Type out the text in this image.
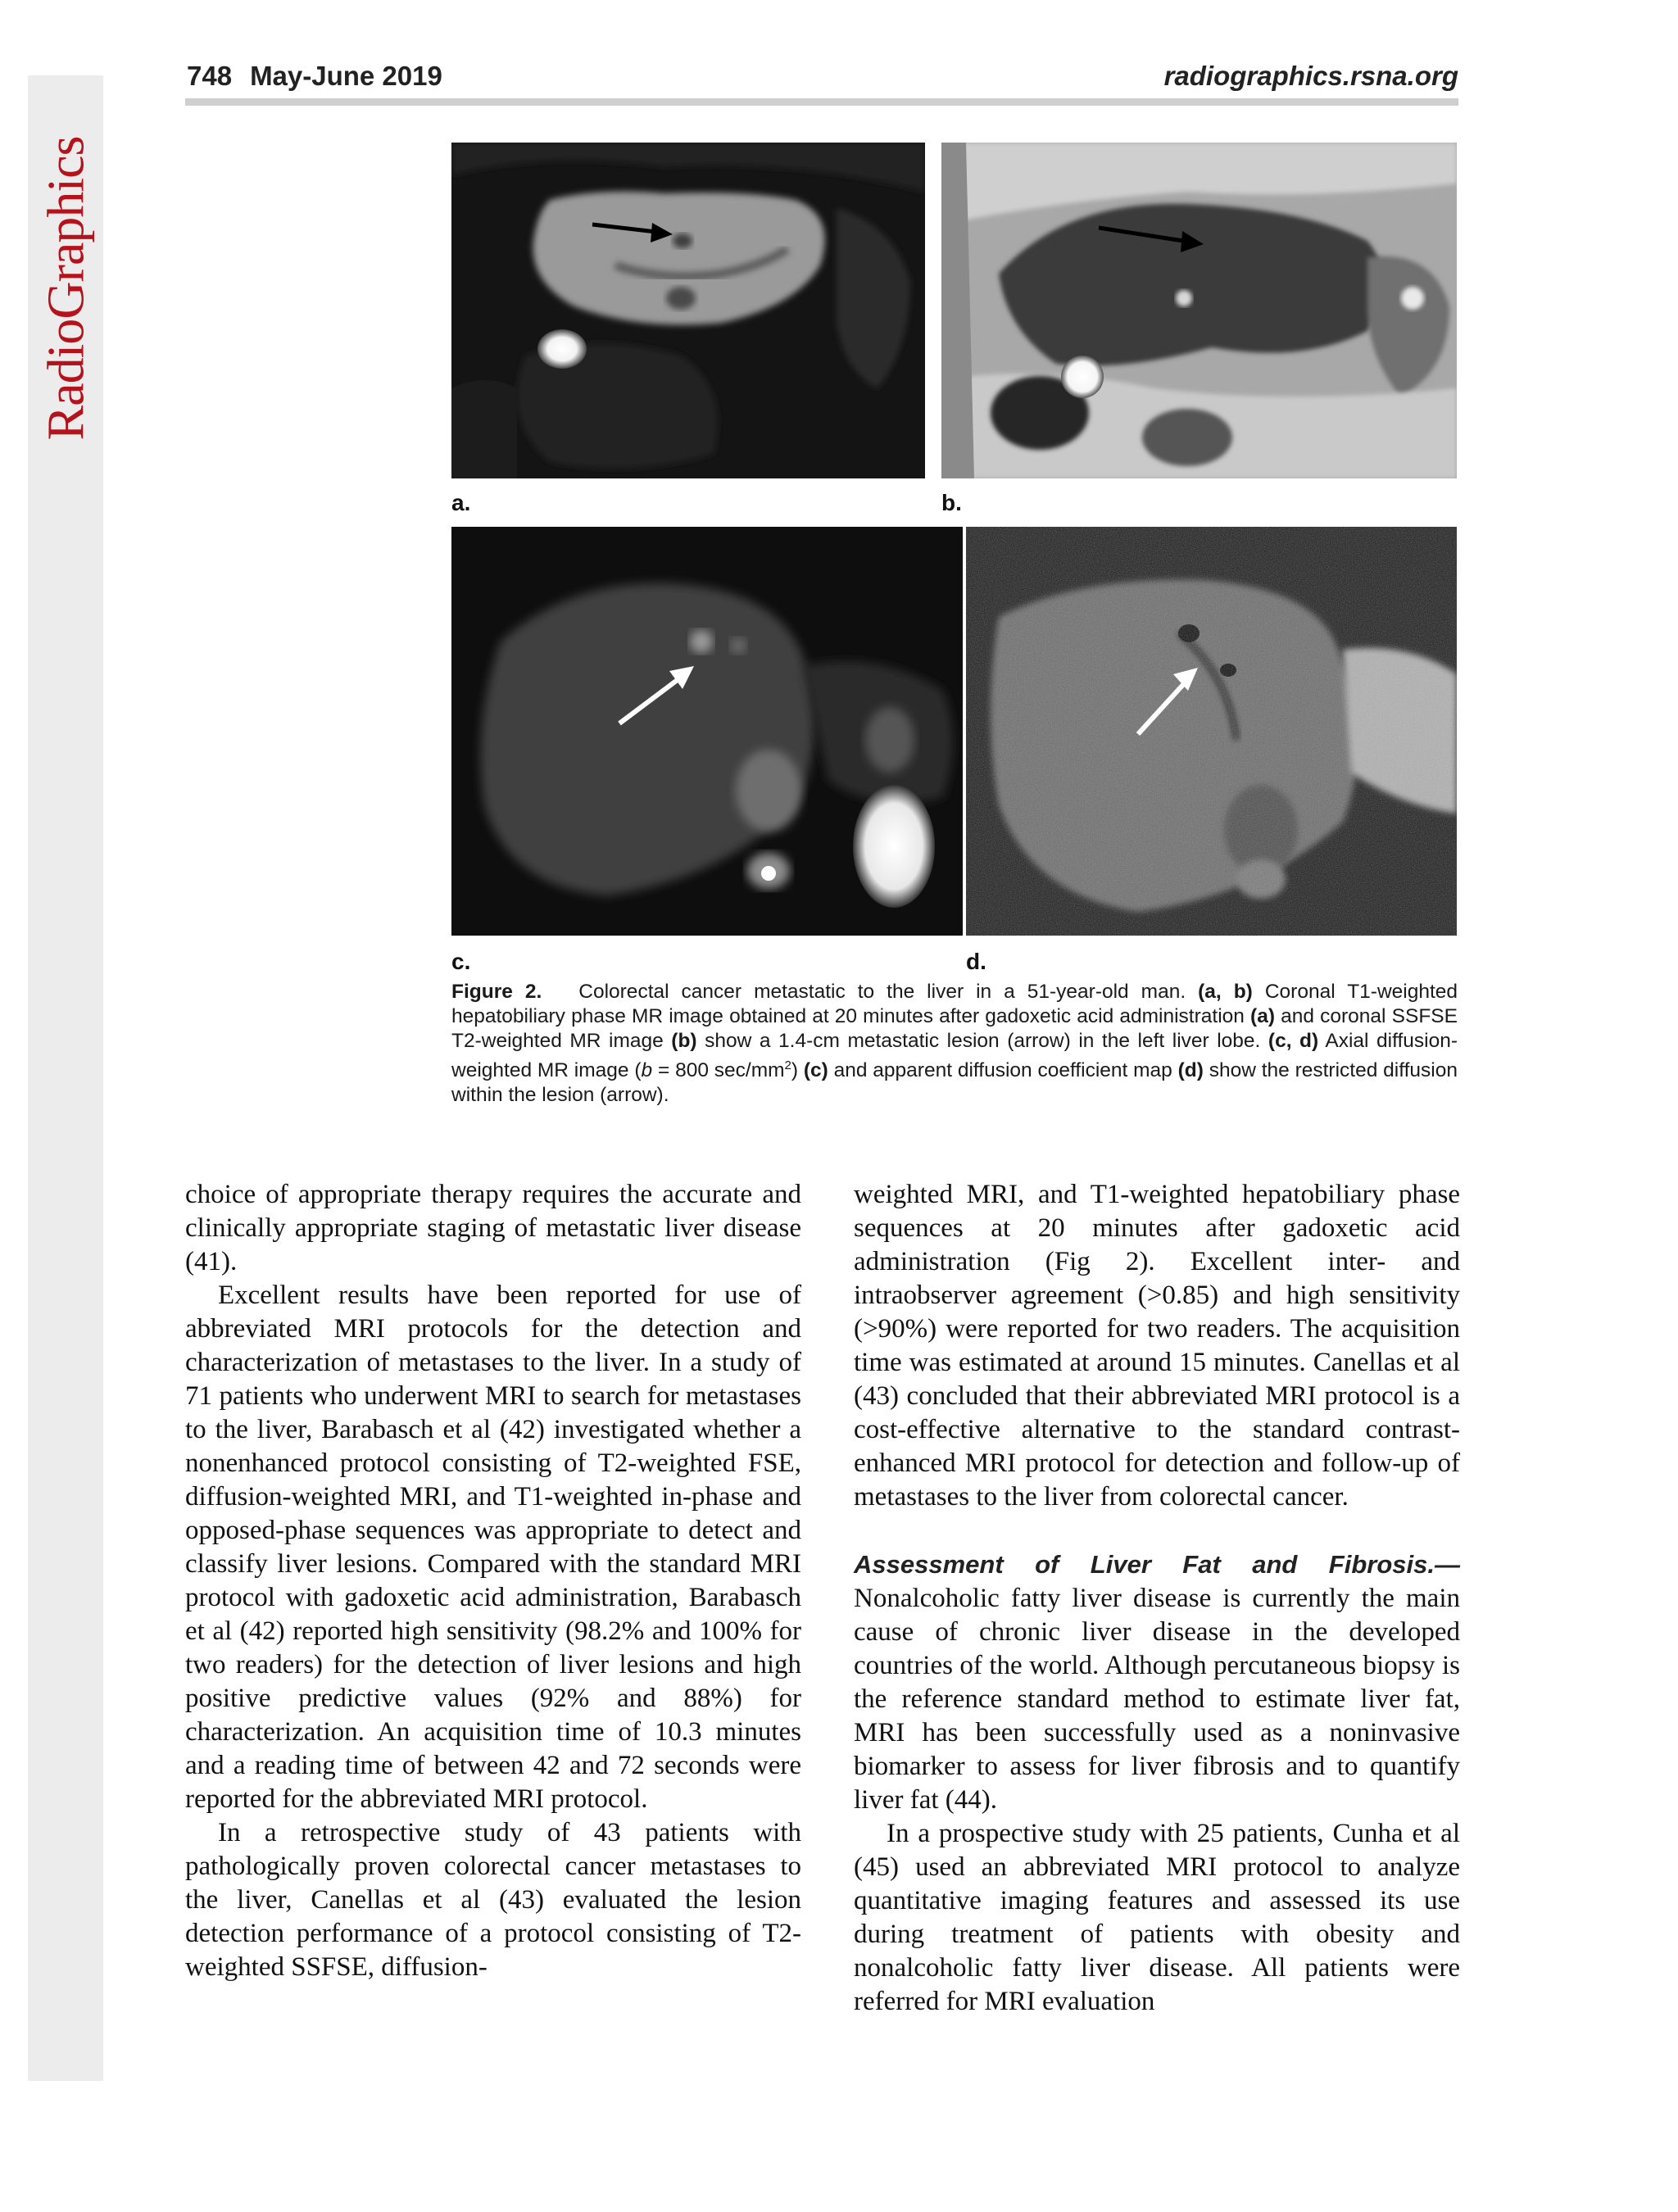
RadioGraphics
748 May-June 2019	radiographics.rsna.org
a.	b.
c.	d.
Figure 2. Colorectal cancer metastatic to the liver in a 51-year-old man. (a, b) Coronal T1-weighted hepatobiliary phase MR image obtained at 20 minutes after gadoxetic acid administration (a) and coronal SSFSE T2-weighted MR image (b) show a 1.4-cm metastatic lesion (arrow) in the left liver lobe. (c, d) Axial diffusion-weighted MR image (b = 800 $\sec/mm^2$) (c) and apparent diffusion coefficient map (d) show the restricted diffusion within the lesion (arrow).

choice of appropriate therapy requires the accurate and clinically appropriate staging of metastatic liver disease (41).

Excellent results have been reported for use of abbreviated MRI protocols for the detection and characterization of metastases to the liver. In a study of 71 patients who underwent MRI to search for metastases to the liver, Barabasch et al (42) investigated whether a nonenhanced protocol consisting of T2-weighted FSE, diffusion-weighted MRI, and T1-weighted in-phase and opposed-phase sequences was appropriate to detect and classify liver lesions. Compared with the standard MRI protocol with gadoxetic acid administration, Barabasch et al (42) reported high sensitivity (98.2% and 100% for two readers) for the detection of liver lesions and high positive predictive values (92% and 88%) for characterization. An acquisition time of 10.3 minutes and a reading time of between 42 and 72 seconds were reported for the abbreviated MRI protocol.

In a retrospective study of 43 patients with pathologically proven colorectal cancer metastases to the liver, Canellas et al (43) evaluated the lesion detection performance of a protocol consisting of T2-weighted SSFSE, diffusion-

weighted MRI, and T1-weighted hepatobiliary phase sequences at 20 minutes after gadoxetic acid administration (Fig 2). Excellent inter- and intraobserver agreement (>0.85) and high sensitivity (>90%) were reported for two readers. The acquisition time was estimated at around 15 minutes. Canellas et al (43) concluded that their abbreviated MRI protocol is a cost-effective alternative to the standard contrast-enhanced MRI protocol for detection and follow-up of metastases to the liver from colorectal cancer.

Assessment of Liver Fat and Fibrosis.—Nonalcoholic fatty liver disease is currently the main cause of chronic liver disease in the developed countries of the world. Although percutaneous biopsy is the reference standard method to estimate liver fat, MRI has been successfully used as a noninvasive biomarker to assess for liver fibrosis and to quantify liver fat (44).

In a prospective study with 25 patients, Cunha et al (45) used an abbreviated MRI protocol to analyze quantitative imaging features and assessed its use during treatment of patients with obesity and nonalcoholic fatty liver disease. All patients were referred for MRI evaluation
